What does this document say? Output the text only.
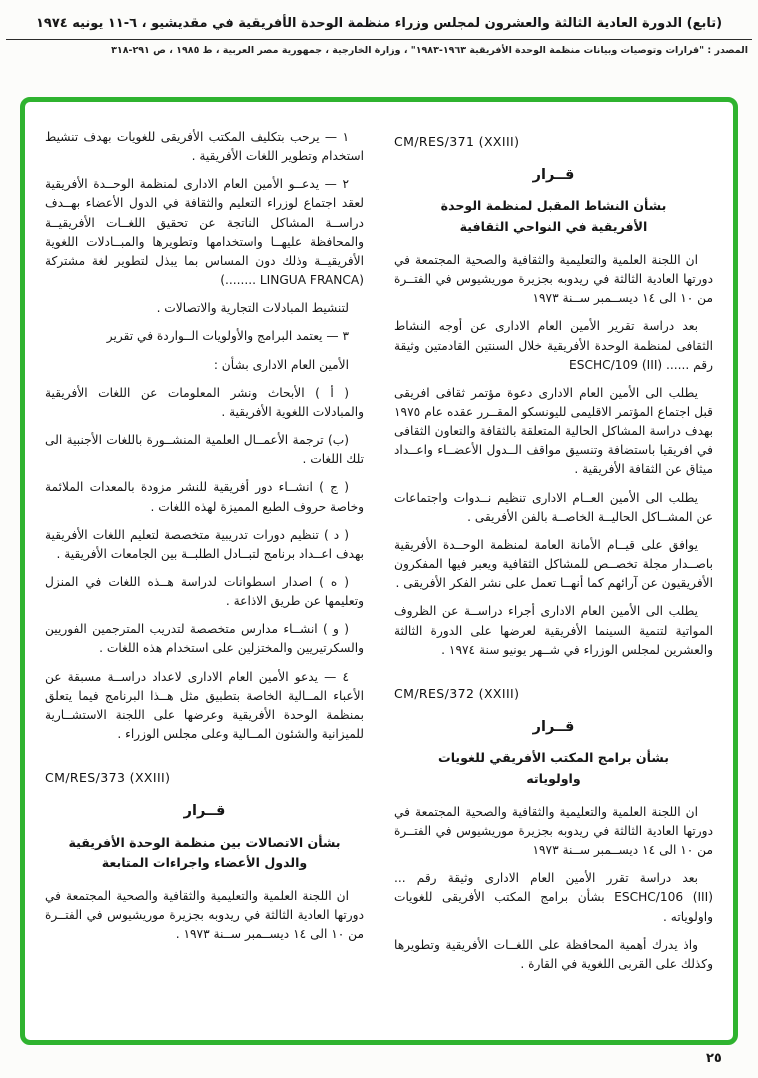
(تابع) الدورة العادية الثالثة والعشرون لمجلس وزراء منظمة الوحدة الأفريقية في مقديشيو ، ٦-١١ يونيه ١٩٧٤
المصدر : "قرارات وتوصيات وبيانات منظمة الوحدة الأفريقية ١٩٦٣-١٩٨٣" ، وزارة الخارجية ، جمهورية مصر العربية ، ط ١٩٨٥ ، ص ٢٩١-٣١٨
CM/RES/371 (XXIII)
قــرار
بشأن النشاط المقبل لمنظمة الوحدة الأفريقية في النواحي الثقافية

ان اللجنة العلمية والتعليمية والثقافية والصحية المجتمعة في دورتها العادية الثالثة في ريدوبه بجزيرة موريشيوس في الفتــرة من ١٠ الى ١٤ ديســمبر ســنة ١٩٧٣

بعد دراسة تقرير الأمين العام الادارى عن أوجه النشاط الثقافى لمنظمة الوحدة الأفريقية خلال السنتين القادمتين وثيقة رقم ...... ESCHC/109 (III)

يطلب الى الأمين العام الادارى دعوة مؤتمر ثقافى افريقى قبل اجتماع المؤتمر الاقليمى لليونسكو المقــرر عقده عام ١٩٧٥ بهدف دراسة المشاكل الحالية المتعلقة بالثقافة والتعاون الثقافى في افريقيا باستضافة وتنسيق مواقف الــدول الأعضــاء واعــداد ميثاق عن الثقافة الأفريقية .

يطلب الى الأمين العــام الادارى تنظيم نــدوات واجتماعات عن المشــاكل الحاليــة الخاصــة بالفن الأفريقى .

يوافق على قيــام الأمانة العامة لمنظمة الوحــدة الأفريقية باصــدار مجلة تخصــص للمشاكل الثقافية ويعبر فيها المفكرون الأفريقيون عن آرائهم كما أنهــا تعمل على نشر الفكر الأفريقى .

يطلب الى الأمين العام الادارى أجراء دراســة عن الظروف المواتية لتنمية السينما الأفريقية لعرضها على الدورة الثالثة والعشرين لمجلس الوزراء في شــهر يونيو سنة ١٩٧٤ .

CM/RES/372 (XXIII)
قــرار
بشأن برامج المكتب الأفريقي للغويات واولوياته

ان اللجنة العلمية والتعليمية والثقافية والصحية المجتمعة في دورتها العادية الثالثة في ريدوبه بجزيرة موريشيوس في الفتــرة من ١٠ الى ١٤ ديســمبر ســنة ١٩٧٣

بعد دراسة تقرر الأمين العام الادارى وثيقة رقم ... ESCHC/106 (III) بشأن برامج المكتب الأفريقى للغويات واولوياته .

واذ يدرك أهمية المحافظة على اللغــات الأفريقية وتطويرها وكذلك على القربى اللغوية في القارة .

١ — يرحب بتكليف المكتب الأفريقى للغويات بهدف تنشيط استخدام وتطوير اللغات الأفريقية .

٢ — يدعــو الأمين العام الادارى لمنظمة الوحــدة الأفريقية لعقد اجتماع لوزراء التعليم والثقافة في الدول الأعضاء بهــدف دراســة المشاكل الناتجة عن تحقيق اللغــات الأفريقيــة والمحافظة عليهــا واستخدامها وتطويرها والمبــادلات اللغوية الأفريقيــة وذلك دون المساس بما يبذل لتطوير لغة مشتركة (LINGUA FRANCA ........)

لتنشيط المبادلات التجارية والاتصالات .

٣ — يعتمد البرامج والأولويات الــواردة في تقرير

الأمين العام الادارى بشأن :

( أ ) الأبحاث ونشر المعلومات عن اللغات الأفريقية والمبادلات اللغوية الأفريقية .

(ب) ترجمة الأعمــال العلمية المنشــورة باللغات الأجنبية الى تلك اللغات .

( ج ) انشــاء دور أفريقية للنشر مزودة بالمعدات الملائمة وخاصة حروف الطبع المميزة لهذه اللغات .

( د ) تنظيم دورات تدريبية متخصصة لتعليم اللغات الأفريقية بهدف اعــداد برنامج لتبــادل الطلبــة بين الجامعات الأفريقية .

( ه ) اصدار اسطوانات لدراسة هــذه اللغات في المنزل وتعليمها عن طريق الاذاعة .

( و ) انشــاء مدارس متخصصة لتدريب المترجمين الفوريين والسكرتيريين والمختزلين على استخدام هذه اللغات .

٤ — يدعو الأمين العام الادارى لاعداد دراســة مسبقة عن الأعباء المــالية الخاصة بتطبيق مثل هــذا البرنامج فيما يتعلق بمنظمة الوحدة الأفريقية وعرضها على اللجنة الاستشــارية للميزانية والشئون المــالية وعلى مجلس الوزراء .

CM/RES/373 (XXIII)
قــرار
بشأن الاتصالات بين منظمة الوحدة الأفريقية والدول الأعضاء واجراءات المتابعة

ان اللجنة العلمية والتعليمية والثقافية والصحية المجتمعة في دورتها العادية الثالثة في ريدوبه بجزيرة موريشيوس في الفتــرة من ١٠ الى ١٤ ديســمبر ســنة ١٩٧٣ .

٢٥
